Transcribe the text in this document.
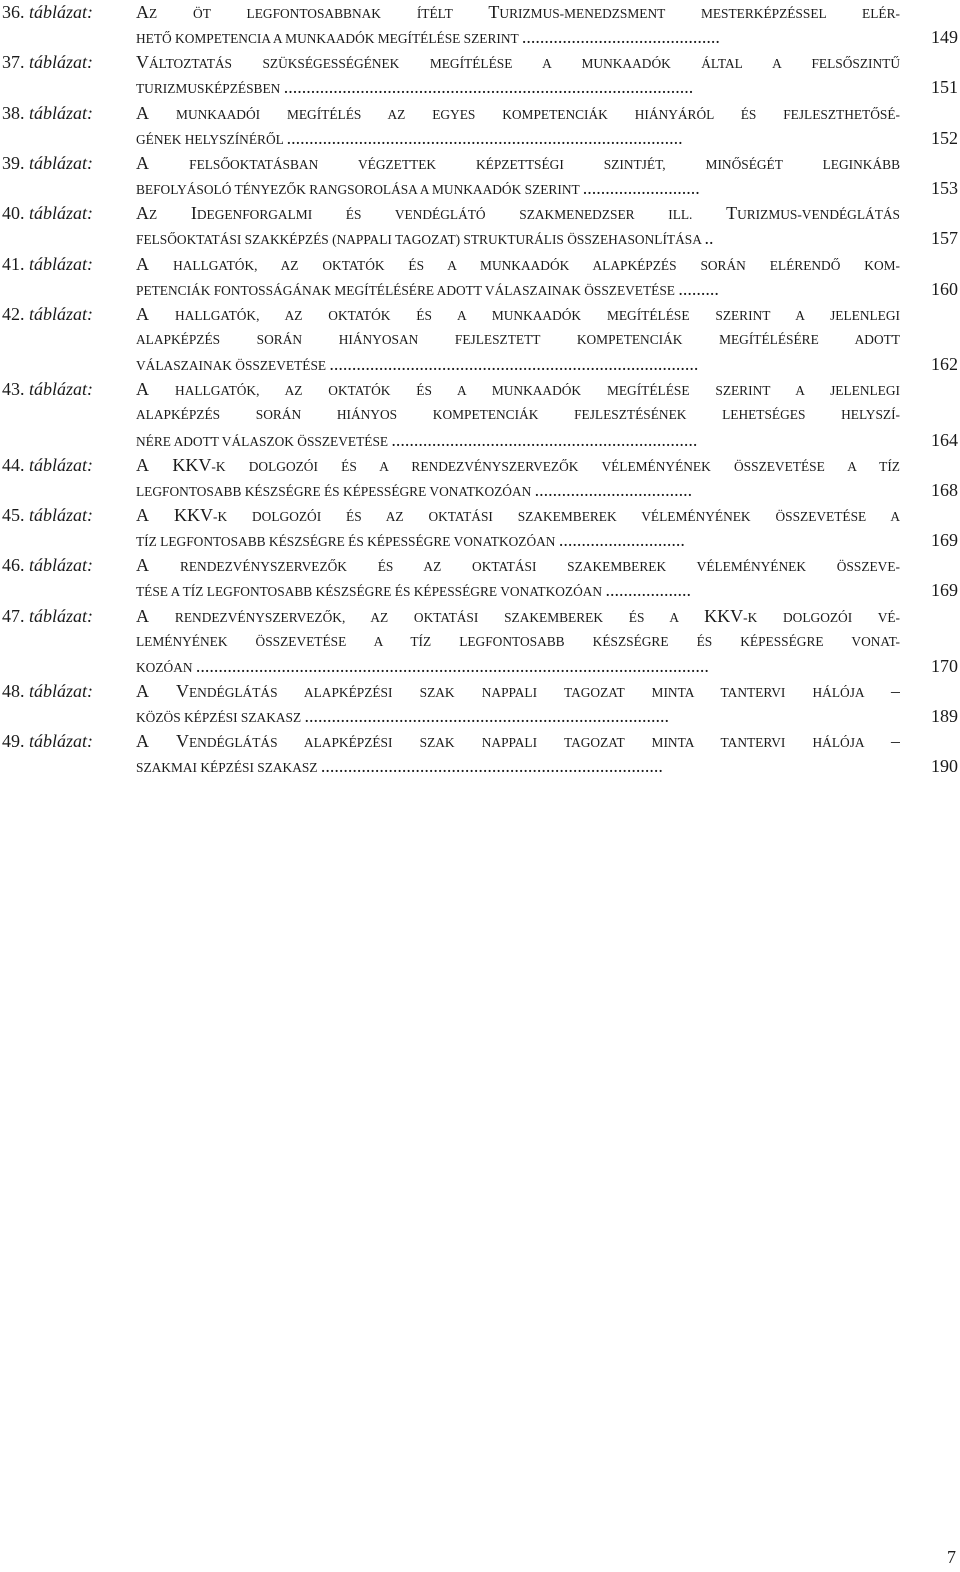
36. táblázat: AZ ÖT LEGFONTOSABBNAK ÍTÉLT TURIZMUS-MENEDZSMENT MESTERKÉPZÉSSEL ELÉR-
HETŐ KOMPETENCIA A MUNKAADÓK MEGÍTÉLÉSE SZERINT ............................................	149
37. táblázat: VÁLTOZTATÁS SZÜKSÉGESSÉGÉNEK MEGÍTÉLÉSE A MUNKAADÓK ÁLTAL A FELSŐSZINTŰ
TURIZMUSKÉPZÉSBEN ...........................................................................................	151
38. táblázat: A MUNKAADÓI MEGÍTÉLÉS AZ EGYES KOMPETENCIÁK HIÁNYÁRÓL ÉS FEJLESZTHETŐSÉ-
GÉNEK HELYSZÍNÉRŐL ........................................................................................	152
39. táblázat: A FELSŐOKTATÁSBAN VÉGZETTEK KÉPZETTSÉGI SZINTJÉT, MINŐSÉGÉT LEGINKÁBB
BEFOLYÁSOLÓ TÉNYEZŐK RANGSOROLÁSA A MUNKAADÓK SZERINT ..........................	153
40. táblázat: AZ IDEGENFORGALMI ÉS VENDÉGLÁTÓ SZAKMENEDZSER ILL. TURIZMUS-VENDÉGLÁTÁS
FELSŐOKTATÁSI SZAKKÉPZÉS (NAPPALI TAGOZAT) STRUKTURÁLIS ÖSSZEHASONLÍTÁSA ..	157
41. táblázat: A HALLGATÓK, AZ OKTATÓK ÉS A MUNKAADÓK ALAPKÉPZÉS SORÁN ELÉRENDŐ KOM-
PETENCIÁK FONTOSSÁGÁNAK MEGÍTÉLÉSÉRE ADOTT VÁLASZAINAK ÖSSZEVETÉSE .........	160
42. táblázat: A HALLGATÓK, AZ OKTATÓK ÉS A MUNKAADÓK MEGÍTÉLÉSE SZERINT A JELENLEGI
ALAPKÉPZÉS SORÁN HIÁNYOSAN FEJLESZTETT KOMPETENCIÁK MEGÍTÉLÉSÉRE ADOTT
VÁLASZAINAK ÖSSZEVETÉSE ..................................................................................	162
43. táblázat: A HALLGATÓK, AZ OKTATÓK ÉS A MUNKAADÓK MEGÍTÉLÉSE SZERINT A JELENLEGI
ALAPKÉPZÉS SORÁN HIÁNYOS KOMPETENCIÁK FEJLESZTÉSÉNEK LEHETSÉGES HELYSZÍ-
NÉRE ADOTT VÁLASZOK ÖSSZEVETÉSE ....................................................................	164
44. táblázat: A KKV-K DOLGOZÓI ÉS A RENDEZVÉNYSZERVEZŐK VÉLEMÉNYÉNEK ÖSSZEVETÉSE A TÍZ
LEGFONTOSABB KÉSZSÉGRE ÉS KÉPESSÉGRE VONATKOZÓAN ...................................	168
45. táblázat: A KKV-K DOLGOZÓI ÉS AZ OKTATÁSI SZAKEMBEREK VÉLEMÉNYÉNEK ÖSSZEVETÉSE A
TÍZ LEGFONTOSABB KÉSZSÉGRE ÉS KÉPESSÉGRE VONATKOZÓAN ............................	169
46. táblázat: A RENDEZVÉNYSZERVEZŐK ÉS AZ OKTATÁSI SZAKEMBEREK VÉLEMÉNYÉNEK ÖSSZEVE-
TÉSE A TÍZ LEGFONTOSABB KÉSZSÉGRE ÉS KÉPESSÉGRE VONATKOZÓAN ...................	169
47. táblázat: A RENDEZVÉNYSZERVEZŐK, AZ OKTATÁSI SZAKEMBEREK ÉS A KKV-K DOLGOZÓI VÉ-
LEMÉNYÉNEK ÖSSZEVETÉSE A TÍZ LEGFONTOSABB KÉSZSÉGRE ÉS KÉPESSÉGRE VONAT-
KOZÓAN ..................................................................................................................	170
48. táblázat: A VENDÉGLÁTÁS ALAPKÉPZÉSI SZAK NAPPALI TAGOZAT MINTA TANTERVI HÁLÓJA –
KÖZÖS KÉPZÉSI SZAKASZ .................................................................................	189
49. táblázat: A VENDÉGLÁTÁS ALAPKÉPZÉSI SZAK NAPPALI TAGOZAT MINTA TANTERVI HÁLÓJA –
SZAKMAI KÉPZÉSI SZAKASZ ............................................................................	190
7
